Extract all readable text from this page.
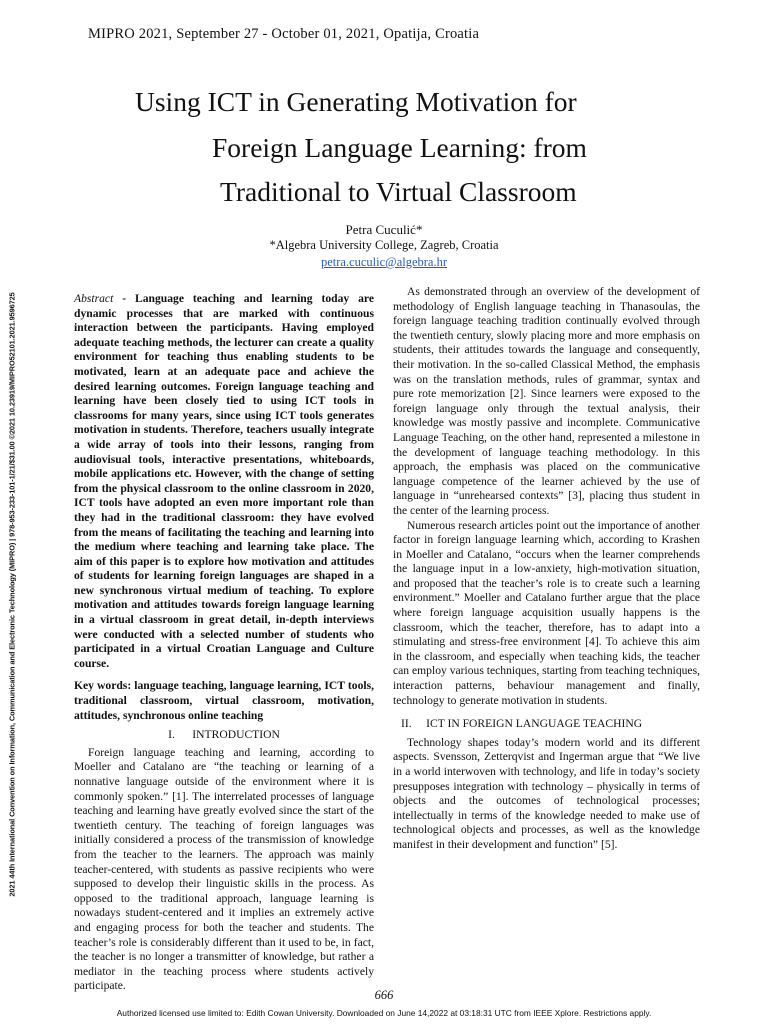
MIPRO 2021, September 27 - October 01, 2021, Opatija, Croatia
Using ICT in Generating Motivation for
Foreign Language Learning: from
Traditional to Virtual Classroom
Petra Cuculić*
*Algebra University College, Zagreb, Croatia
petra.cuculic@algebra.hr
2021 44th International Convention on Information, Communication and Electronic Technology (MIPRO) | 978-953-233-101-1/21/$31.00 ©2021 10.23919/MIPRO52101.2021.9596725	Abstract - Language teaching and learning today are dynamic processes that are marked with continuous interaction between the participants. Having employed adequate teaching methods, the lecturer can create a quality environment for teaching thus enabling students to be motivated, learn at an adequate pace and achieve the desired learning outcomes. Foreign language teaching and learning have been closely tied to using ICT tools in classrooms for many years, since using ICT tools generates motivation in students. Therefore, teachers usually integrate a wide array of tools into their lessons, ranging from audiovisual tools, interactive presentations, whiteboards, mobile applications etc. However, with the change of setting from the physical classroom to the online classroom in 2020, ICT tools have adopted an even more important role than they had in the traditional classroom: they have evolved from the means of facilitating the teaching and learning into the medium where teaching and learning take place. The aim of this paper is to explore how motivation and attitudes of students for learning foreign languages are shaped in a new synchronous virtual medium of teaching. To explore motivation and attitudes towards foreign language learning in a virtual classroom in great detail, in-depth interviews were conducted with a selected number of students who participated in a virtual Croatian Language and Culture course.

Key words: language teaching, language learning, ICT tools, traditional classroom, virtual classroom, motivation, attitudes, synchronous online teaching

I.      INTRODUCTION

Foreign language teaching and learning, according to Moeller and Catalano are “the teaching or learning of a nonnative language outside of the environment where it is commonly spoken.” [1]. The interrelated processes of language teaching and learning have greatly evolved since the start of the twentieth century. The teaching of foreign languages was initially considered a process of the transmission of knowledge from the teacher to the learners. The approach was mainly teacher-centered, with students as passive recipients who were supposed to develop their linguistic skills in the process. As opposed to the traditional approach, language learning is nowadays student-centered and it implies an extremely active and engaging process for both the teacher and students. The teacher’s role is considerably different than it used to be, in fact, the teacher is no longer a transmitter of knowledge, but rather a mediator in the teaching process where students actively participate.

As demonstrated through an overview of the development of methodology of English language teaching in Thanasoulas, the foreign language teaching tradition continually evolved through the twentieth century, slowly placing more and more emphasis on students, their attitudes towards the language and consequently, their motivation. In the so-called Classical Method, the emphasis was on the translation methods, rules of grammar, syntax and pure rote memorization [2]. Since learners were exposed to the foreign language only through the textual analysis, their knowledge was mostly passive and incomplete. Communicative Language Teaching, on the other hand, represented a milestone in the development of language teaching methodology. In this approach, the emphasis was placed on the communicative language competence of the learner achieved by the use of language in “unrehearsed contexts” [3], placing thus student in the center of the learning process.

Numerous research articles point out the importance of another factor in foreign language learning which, according to Krashen in Moeller and Catalano, “occurs when the learner comprehends the language input in a low-anxiety, high-motivation situation, and proposed that the teacher’s role is to create such a learning environment.” Moeller and Catalano further argue that the place where foreign language acquisition usually happens is the classroom, which the teacher, therefore, has to adapt into a stimulating and stress-free environment [4]. To achieve this aim in the classroom, and especially when teaching kids, the teacher can employ various techniques, starting from teaching techniques, interaction patterns, behaviour management and finally, technology to generate motivation in students.

II.     ICT IN FOREIGN LANGUAGE TEACHING

Technology shapes today’s modern world and its different aspects. Svensson, Zetterqvist and Ingerman argue that “We live in a world interwoven with technology, and life in today’s society presupposes integration with technology – physically in terms of objects and the outcomes of technological processes; intellectually in terms of the knowledge needed to make use of technological objects and processes, as well as the knowledge manifest in their development and function” [5].

666
Authorized licensed use limited to: Edith Cowan University. Downloaded on June 14,2022 at 03:18:31 UTC from IEEE Xplore. Restrictions apply.
